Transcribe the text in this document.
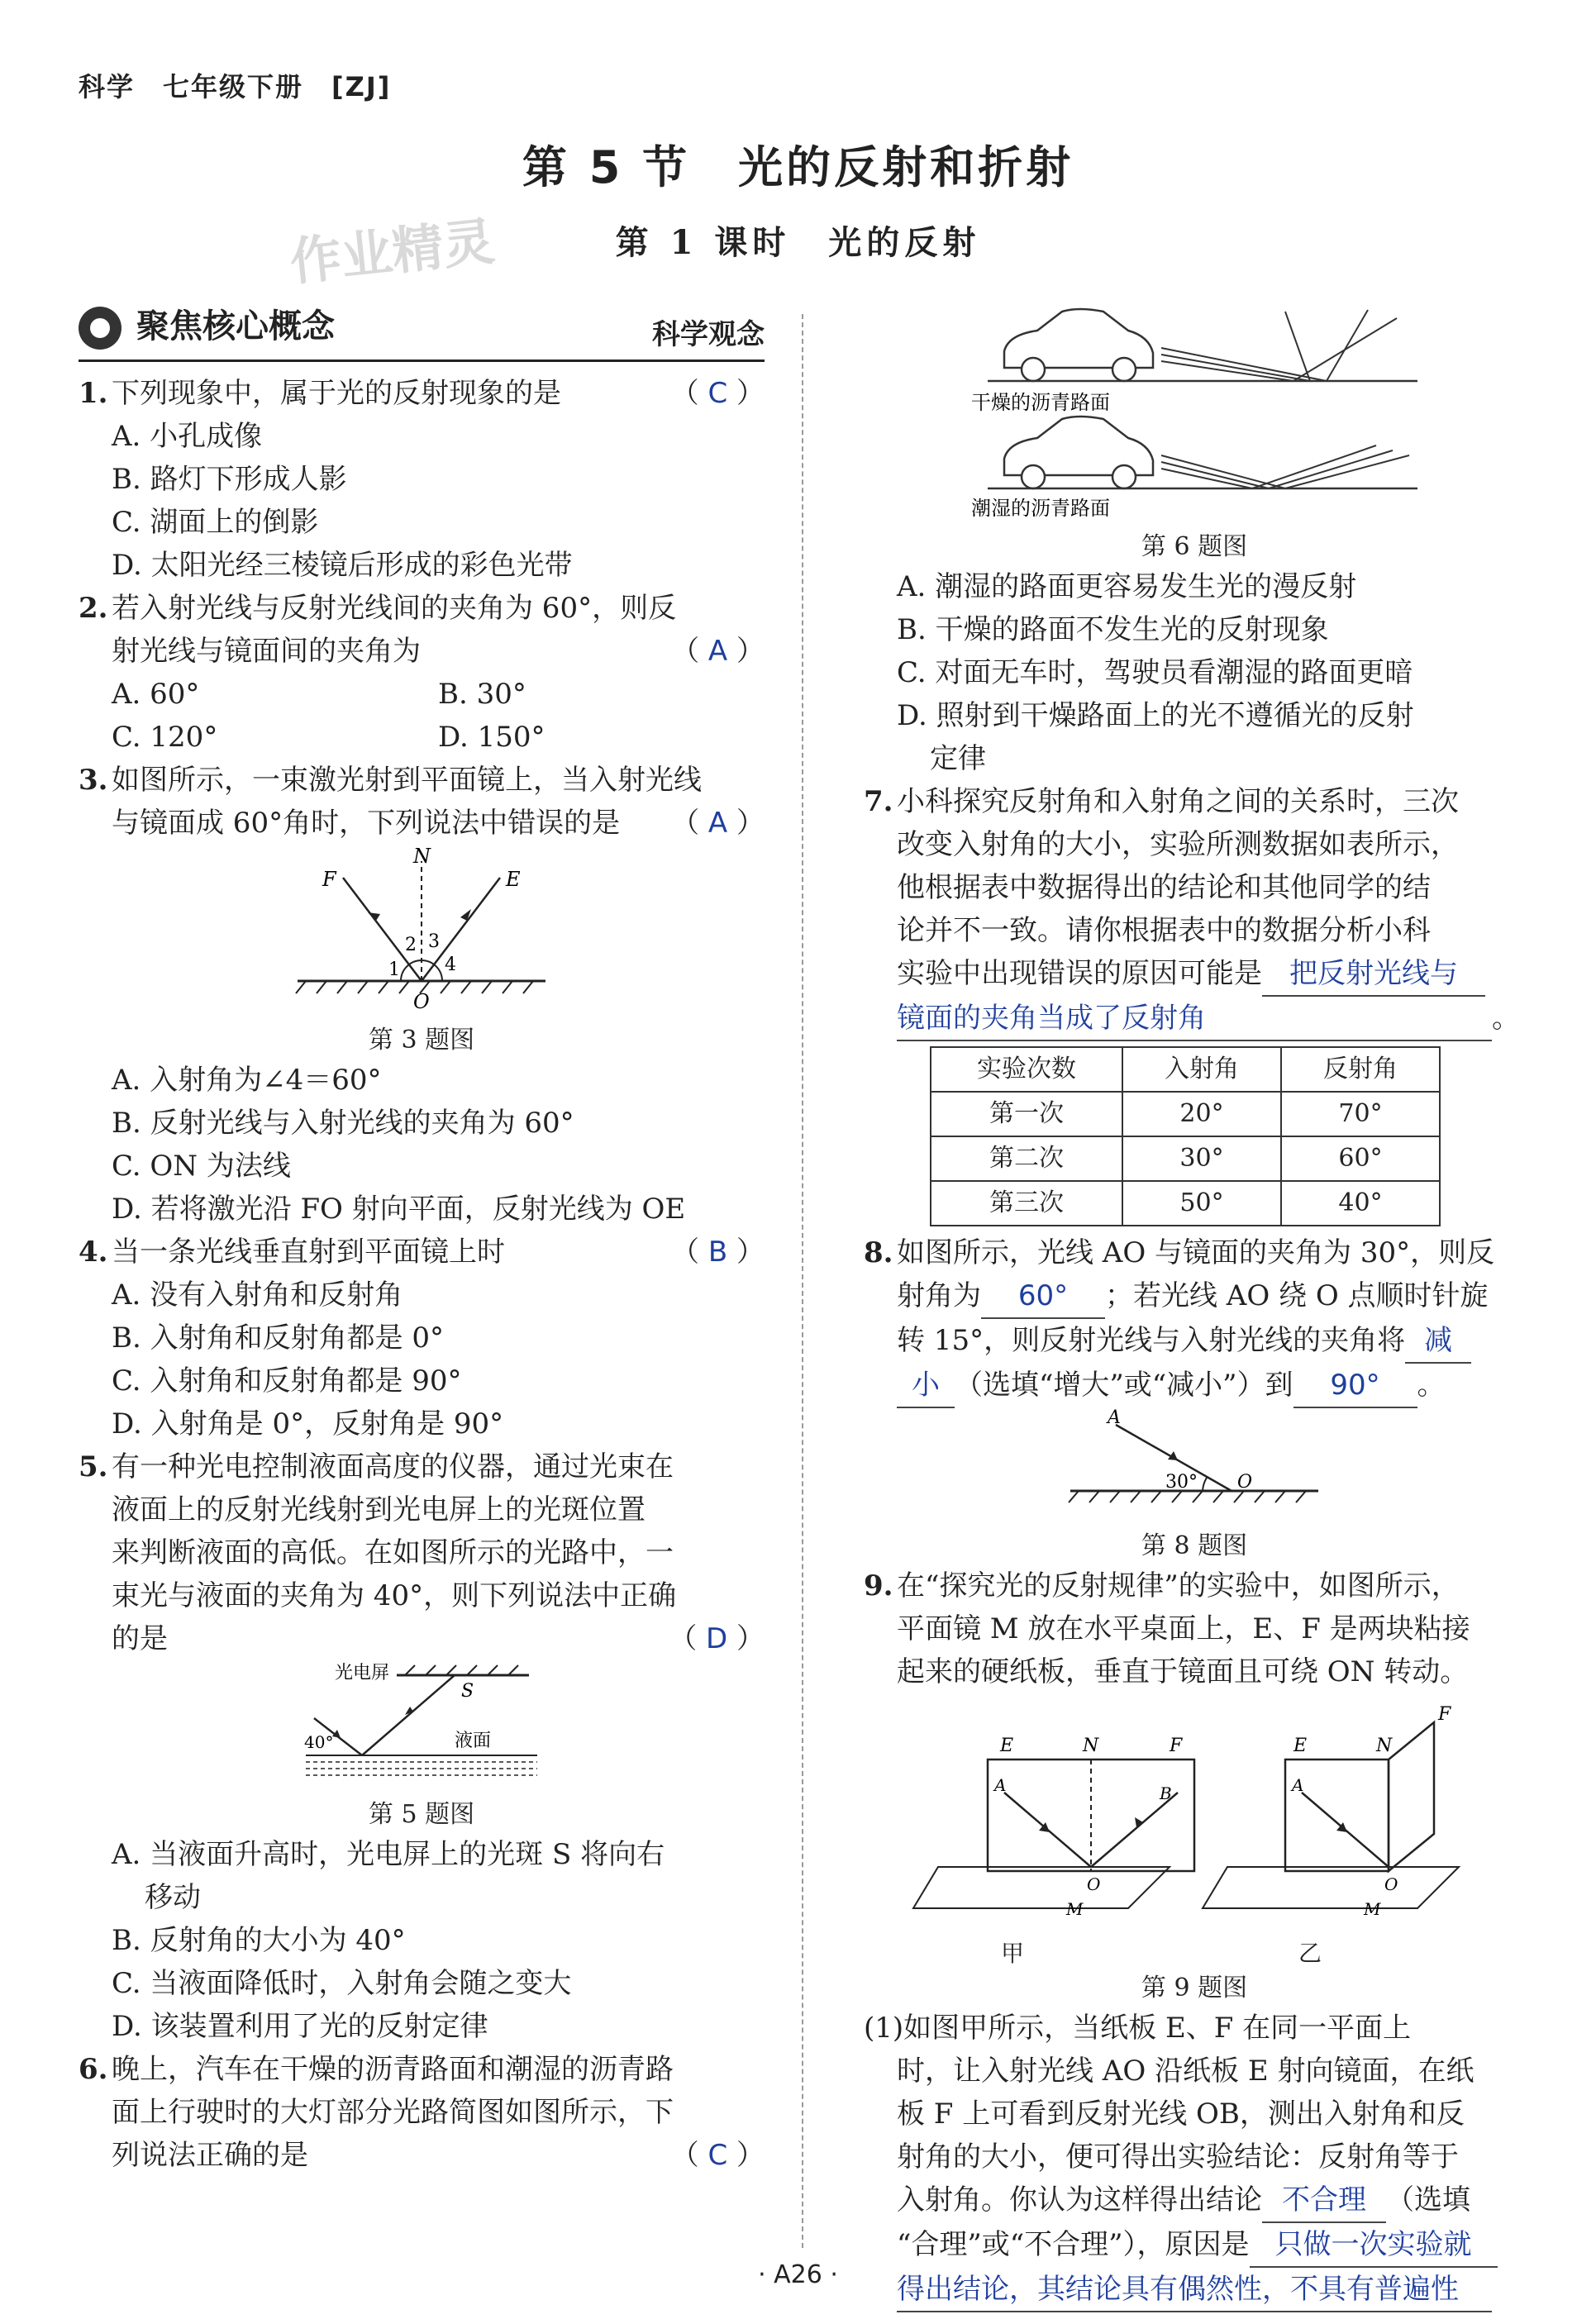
科学　七年级下册　[ZJ]
第 5 节　光的反射和折射
第 1 课时　光的反射
作业精灵
聚焦核心概念	科学观念
1. 下列现象中，属于光的反射现象的是	（ C ）
A. 小孔成像
B. 路灯下形成人影
C. 湖面上的倒影
D. 太阳光经三棱镜后形成的彩色光带
2. 若入射光线与反射光线间的夹角为 60°，则反
射光线与镜面间的夹角为	（ A ）
A. 60°	B. 30°
C. 120°	D. 150°
3. 如图所示，一束激光射到平面镜上，当入射光线
与镜面成 60°角时，下列说法中错误的是 （ A ）
N
F	E
O
1
2 3
4
第 3 题图
A. 入射角为∠4＝60°
B. 反射光线与入射光线的夹角为 60°
C. ON 为法线
D. 若将激光沿 FO 射向平面，反射光线为 OE
4. 当一条光线垂直射到平面镜上时	（ B ）
A. 没有入射角和反射角
B. 入射角和反射角都是 0°
C. 入射角和反射角都是 90°
D. 入射角是 0°，反射角是 90°
5. 有一种光电控制液面高度的仪器，通过光束在
液面上的反射光线射到光电屏上的光斑位置
来判断液面的高低。在如图所示的光路中，一
束光与液面的夹角为 40°，则下列说法中正确
的是	（ D ）
光电屏
S
40°	液面
第 5 题图
A. 当液面升高时，光电屏上的光斑 S 将向右
移动
B. 反射角的大小为 40°
C. 当液面降低时，入射角会随之变大
D. 该装置利用了光的反射定律
6. 晚上，汽车在干燥的沥青路面和潮湿的沥青路
面上行驶时的大灯部分光路简图如图所示，下
列说法正确的是	（ C ）
干燥的沥青路面
潮湿的沥青路面
第 6 题图
A. 潮湿的路面更容易发生光的漫反射
B. 干燥的路面不发生光的反射现象
C. 对面无车时，驾驶员看潮湿的路面更暗
D. 照射到干燥路面上的光不遵循光的反射
定律
7. 小科探究反射角和入射角之间的关系时，三次
改变入射角的大小，实验所测数据如表所示，
他根据表中数据得出的结论和其他同学的结
论并不一致。请你根据表中的数据分析小科
实验中出现错误的原因可能是 把反射光线与
镜面的夹角当成了反射角	。
实验次数	入射角	反射角
第一次	20°	70°
第二次	30°	60°
第三次	50°	40°
8. 如图所示，光线 AO 与镜面的夹角为 30°，则反
射角为 60° ；若光线 AO 绕 O 点顺时针旋
转 15°，则反射光线与入射光线的夹角将 减
小 （选填“增大”或“减小”）到 90° 。
A
O
30°
第 8 题图
9. 在“探究光的反射规律”的实验中，如图所示，
平面镜 M 放在水平桌面上，E、F 是两块粘接
起来的硬纸板，垂直于镜面且可绕 ON 转动。
E	N	F
A	B
O
M
E	N
F
A
O
M
甲	乙
第 9 题图
(1)如图甲所示，当纸板 E、F 在同一平面上
时，让入射光线 AO 沿纸板 E 射向镜面，在纸
板 F 上可看到反射光线 OB，测出入射角和反
射角的大小，便可得出实验结论：反射角等于
入射角。你认为这样得出结论 不合理 （选填
“合理”或“不合理”），原因是 只做一次实验就
得出结论，其结论具有偶然性，不具有普遍性
· A26 ·
